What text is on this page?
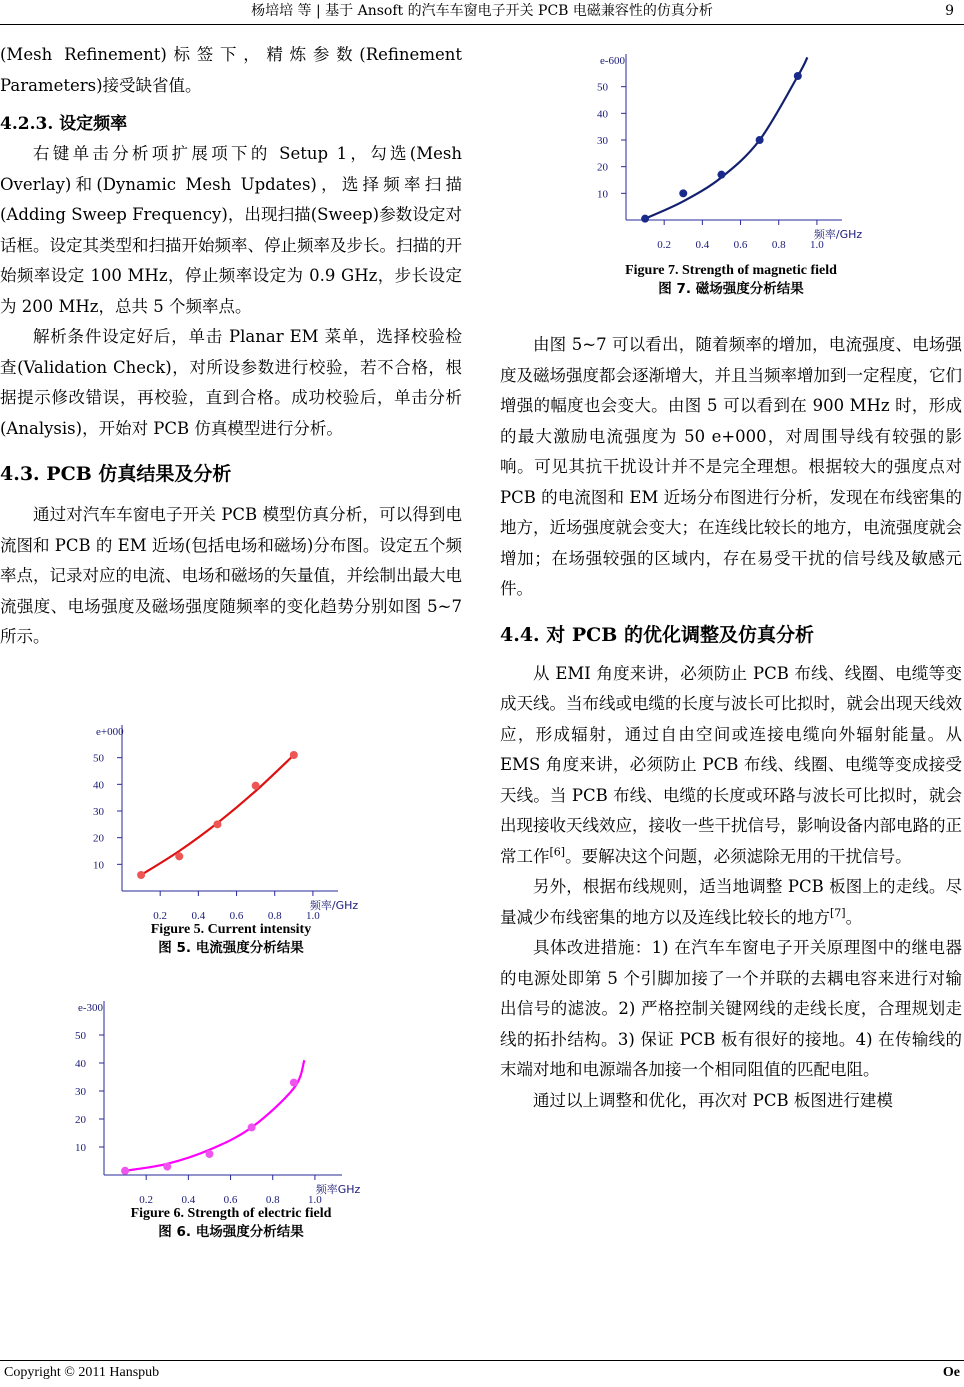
杨培培 等 | 基于 Ansoft 的汽车车窗电子开关 PCB 电磁兼容性的仿真分析	9

(Mesh Refinement)标签下，精炼参数(Refinement Parameters)接受缺省值。

4.2.3. 设定频率

右键单击分析项扩展项下的 Setup 1，勾选(Mesh Overlay)和(Dynamic Mesh Updates)，选择频率扫描(Adding Sweep Frequency)，出现扫描(Sweep)参数设定对话框。设定其类型和扫描开始频率、停止频率及步长。扫描的开始频率设定 100 MHz，停止频率设定为 0.9 GHz，步长设定为 200 MHz，总共 5 个频率点。

解析条件设定好后，单击 Planar EM 菜单，选择校验检查(Validation Check)，对所设参数进行校验，若不合格，根据提示修改错误，再校验，直到合格。成功校验后，单击分析(Analysis)，开始对 PCB 仿真模型进行分析。

4.3. PCB 仿真结果及分析

通过对汽车车窗电子开关 PCB 模型仿真分析，可以得到电流图和 PCB 的 EM 近场(包括电场和磁场)分布图。设定五个频率点，记录对应的电流、电场和磁场的矢量值，并绘制出最大电流强度、电场强度及磁场强度随频率的变化趋势分别如图 5~7 所示。

10
20
30
40
50
0.2 0.4 0.6 0.8 1.0
e+000
频率/GHz
Figure 5. Current intensity
图 5. 电流强度分析结果
10
20
30
40
50
0.2	0.4	0.6	0.8	1.0
e-300
频率GHz
Figure 6. Strength of electric field
图 6. 电场强度分析结果
10
20
30
40
50
0.2 0.4 0.6 0.8 1.0
e-600
频率/GHz
Figure 7. Strength of magnetic field
图 7. 磁场强度分析结果

由图 5~7 可以看出，随着频率的增加，电流强度、电场强度及磁场强度都会逐渐增大，并且当频率增加到一定程度，它们增强的幅度也会变大。由图 5 可以看到在 900 MHz 时，形成的最大激励电流强度为 50 e+000，对周围导线有较强的影响。可见其抗干扰设计并不是完全理想。根据较大的强度点对 PCB 的电流图和 EM 近场分布图进行分析，发现在布线密集的地方，近场强度就会变大；在连线比较长的地方，电流强度就会增加；在场强较强的区域内，存在易受干扰的信号线及敏感元件。

4.4. 对 PCB 的优化调整及仿真分析

从 EMI 角度来讲，必须防止 PCB 布线、线圈、电缆等变成天线。当布线或电缆的长度与波长可比拟时，就会出现天线效应，形成辐射，通过自由空间或连接电缆向外辐射能量。从 EMS 角度来讲，必须防止 PCB 布线、线圈、电缆等变成接受天线。当 PCB 布线、电缆的长度或环路与波长可比拟时，就会出现接收天线效应，接收一些干扰信号，影响设备内部电路的正常工作[6]。要解决这个问题，必须滤除无用的干扰信号。

另外，根据布线规则，适当地调整 PCB 板图上的走线。尽量减少布线密集的地方以及连线比较长的地方[7]。

具体改进措施：1) 在汽车车窗电子开关原理图中的继电器的电源处即第 5 个引脚加接了一个并联的去耦电容来进行对输出信号的滤波。2) 严格控制关键网线的走线长度，合理规划走线的拓扑结构。3) 保证 PCB 板有很好的接地。4) 在传输线的末端对地和电源端各加接一个相同阻值的匹配电阻。

通过以上调整和优化，再次对 PCB 板图进行建模

Copyright © 2011 Hanspub	Oe
